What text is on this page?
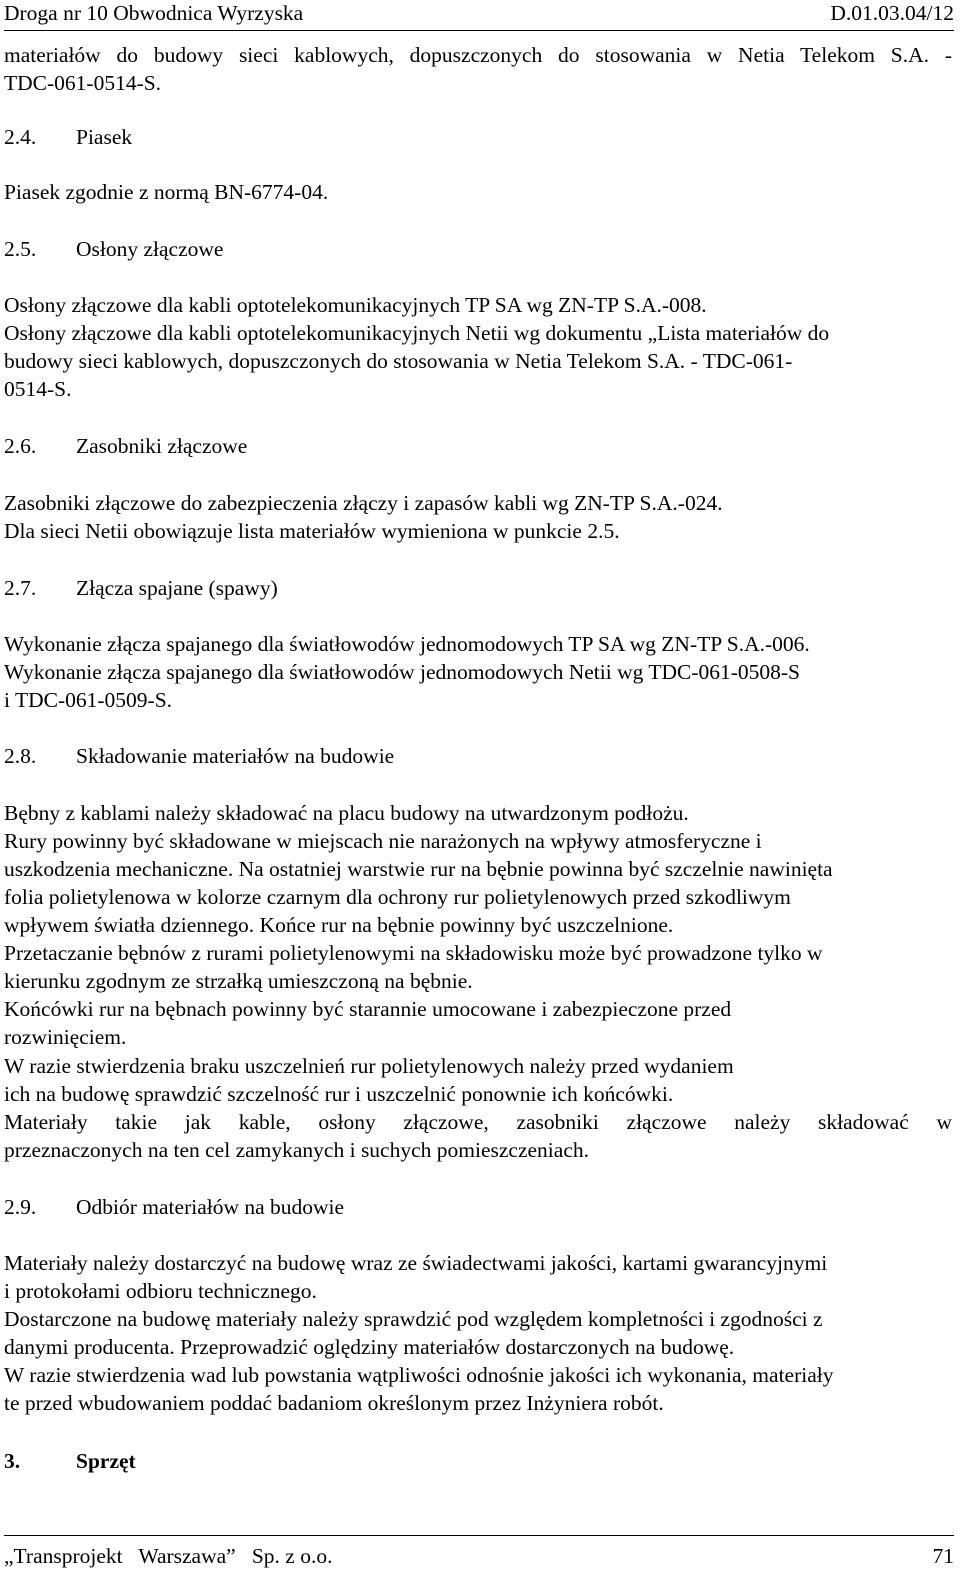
Droga nr 10 Obwodnica Wyrzyska	D.01.03.04/12
materiałów do budowy sieci kablowych, dopuszczonych do stosowania w Netia Telekom S.A. -
TDC-061-0514-S.
2.4. Piasek
Piasek zgodnie z normą BN-6774-04.
2.5. Osłony złączowe
Osłony złączowe dla kabli optotelekomunikacyjnych TP SA wg ZN-TP S.A.-008.
Osłony złączowe dla kabli optotelekomunikacyjnych Netii wg dokumentu „Lista materiałów do
budowy sieci kablowych, dopuszczonych do stosowania w Netia Telekom S.A. - TDC-061-
0514-S.
2.6. Zasobniki złączowe
Zasobniki złączowe do zabezpieczenia złączy i zapasów kabli wg ZN-TP S.A.-024.
Dla sieci Netii obowiązuje lista materiałów wymieniona w punkcie 2.5.
2.7. Złącza spajane (spawy)
Wykonanie złącza spajanego dla światłowodów jednomodowych TP SA wg ZN-TP S.A.-006.
Wykonanie złącza spajanego dla światłowodów jednomodowych Netii wg TDC-061-0508-S
i TDC-061-0509-S.
2.8. Składowanie materiałów na budowie
Bębny z kablami należy składować na placu budowy na utwardzonym podłożu.
Rury powinny być składowane w miejscach nie narażonych na wpływy atmosferyczne i
uszkodzenia mechaniczne. Na ostatniej warstwie rur na bębnie powinna być szczelnie nawinięta
folia polietylenowa w kolorze czarnym dla ochrony rur polietylenowych przed szkodliwym
wpływem światła dziennego. Końce rur na bębnie powinny być uszczelnione.
Przetaczanie bębnów z rurami polietylenowymi na składowisku może być prowadzone tylko w
kierunku zgodnym ze strzałką umieszczoną na bębnie.
Końcówki rur na bębnach powinny być starannie umocowane i zabezpieczone przed
rozwinięciem.
W razie stwierdzenia braku uszczelnień rur polietylenowych należy przed wydaniem
ich na budowę sprawdzić szczelność rur i uszczelnić ponownie ich końcówki.
Materiały takie jak kable, osłony złączowe, zasobniki złączowe należy składować w
przeznaczonych na ten cel zamykanych i suchych pomieszczeniach.
2.9. Odbiór materiałów na budowie
Materiały należy dostarczyć na budowę wraz ze świadectwami jakości, kartami gwarancyjnymi
i protokołami odbioru technicznego.
Dostarczone na budowę materiały należy sprawdzić pod względem kompletności i zgodności z
danymi producenta. Przeprowadzić oględziny materiałów dostarczonych na budowę.
W razie stwierdzenia wad lub powstania wątpliwości odnośnie jakości ich wykonania, materiały
te przed wbudowaniem poddać badaniom określonym przez Inżyniera robót.
3.	Sprzęt
„Transprojekt   Warszawa”   Sp. z o.o.	71
